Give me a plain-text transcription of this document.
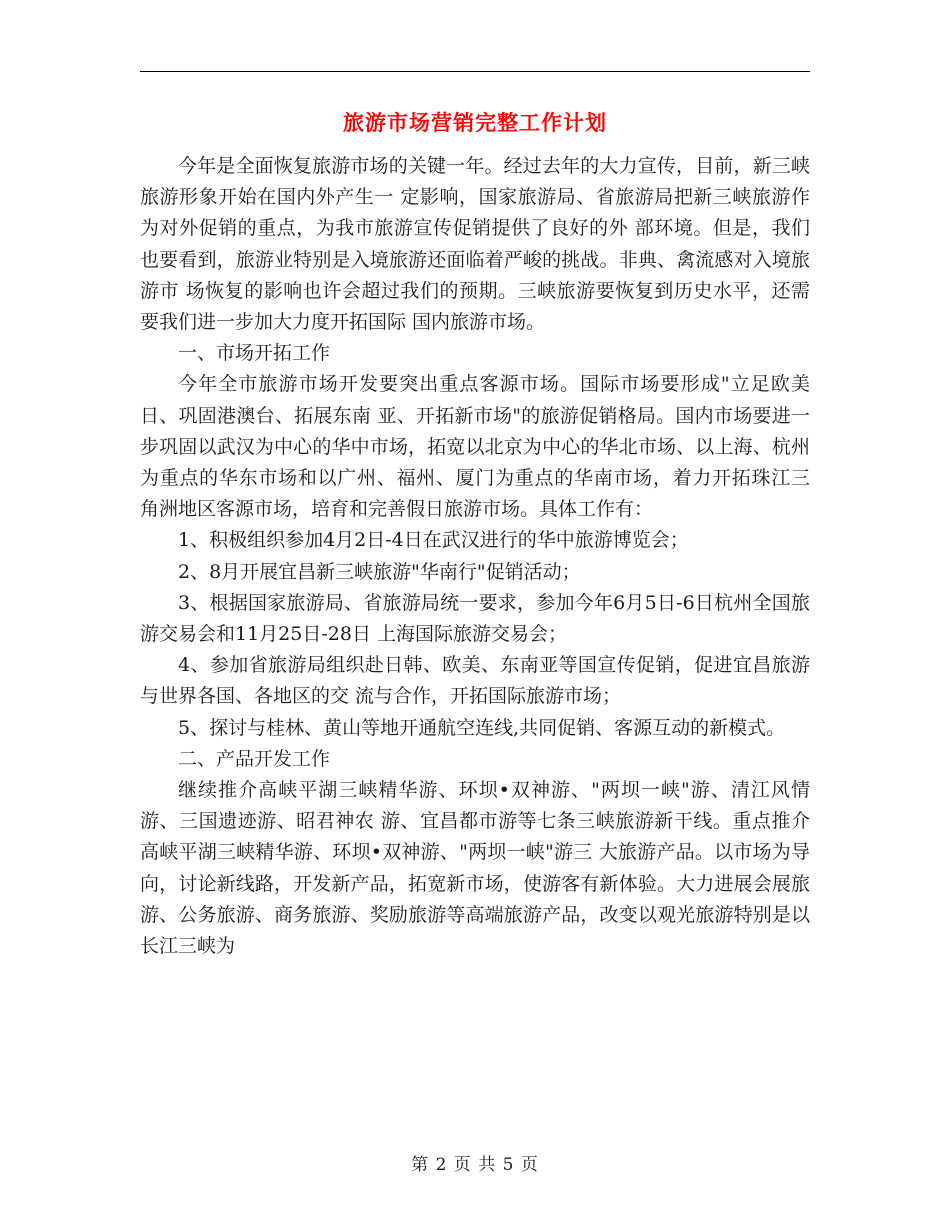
旅游市场营销完整工作计划

今年是全面恢复旅游市场的关键一年。经过去年的大力宣传，目前，新三峡旅游形象开始在国内外产生一 定影响，国家旅游局、省旅游局把新三峡旅游作为对外促销的重点，为我市旅游宣传促销提供了良好的外 部环境。但是，我们也要看到，旅游业特别是入境旅游还面临着严峻的挑战。非典、禽流感对入境旅游市 场恢复的影响也许会超过我们的预期。三峡旅游要恢复到历史水平，还需要我们进一步加大力度开拓国际 国内旅游市场。

一、市场开拓工作

今年全市旅游市场开发要突出重点客源市场。国际市场要形成"立足欧美日、巩固港澳台、拓展东南 亚、开拓新市场"的旅游促销格局。国内市场要进一步巩固以武汉为中心的华中市场，拓宽以北京为中心的华北市场、以上海、杭州为重点的华东市场和以广州、福州、厦门为重点的华南市场，着力开拓珠江三 角洲地区客源市场，培育和完善假日旅游市场。具体工作有：

1、积极组织参加4月2日-4日在武汉进行的华中旅游博览会；

2、8月开展宜昌新三峡旅游"华南行"促销活动；

3、根据国家旅游局、省旅游局统一要求，参加今年6月5日-6日杭州全国旅游交易会和11月25日-28日 上海国际旅游交易会；

4、参加省旅游局组织赴日韩、欧美、东南亚等国宣传促销，促进宜昌旅游与世界各国、各地区的交 流与合作，开拓国际旅游市场；

5、探讨与桂林、黄山等地开通航空连线,共同促销、客源互动的新模式。

二、产品开发工作

继续推介高峡平湖三峡精华游、环坝•双神游、"两坝一峡"游、清江风情游、三国遗迹游、昭君神农 游、宜昌都市游等七条三峡旅游新干线。重点推介高峡平湖三峡精华游、环坝•双神游、"两坝一峡"游三 大旅游产品。以市场为导向，讨论新线路，开发新产品，拓宽新市场，使游客有新体验。大力进展会展旅 游、公务旅游、商务旅游、奖励旅游等高端旅游产品，改变以观光旅游特别是以长江三峡为

第 2 页 共 5 页
